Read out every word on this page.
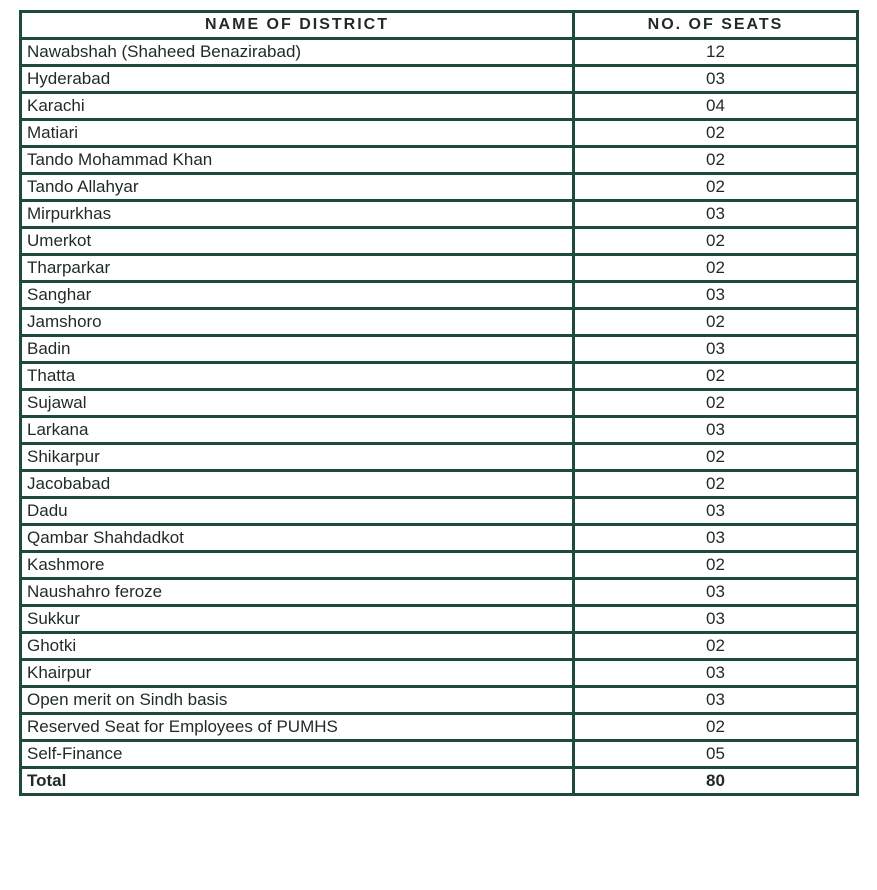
NAME OF DISTRICT	NO. OF SEATS
Nawabshah (Shaheed Benazirabad)	12
Hyderabad	03
Karachi	04
Matiari	02
Tando Mohammad Khan	02
Tando Allahyar	02
Mirpurkhas	03
Umerkot	02
Tharparkar	02
Sanghar	03
Jamshoro	02
Badin	03
Thatta	02
Sujawal	02
Larkana	03
Shikarpur	02
Jacobabad	02
Dadu	03
Qambar Shahdadkot	03
Kashmore	02
Naushahro feroze	03
Sukkur	03
Ghotki	02
Khairpur	03
Open merit on Sindh basis	03
Reserved Seat for Employees of PUMHS	02
Self-Finance	05
Total	80
